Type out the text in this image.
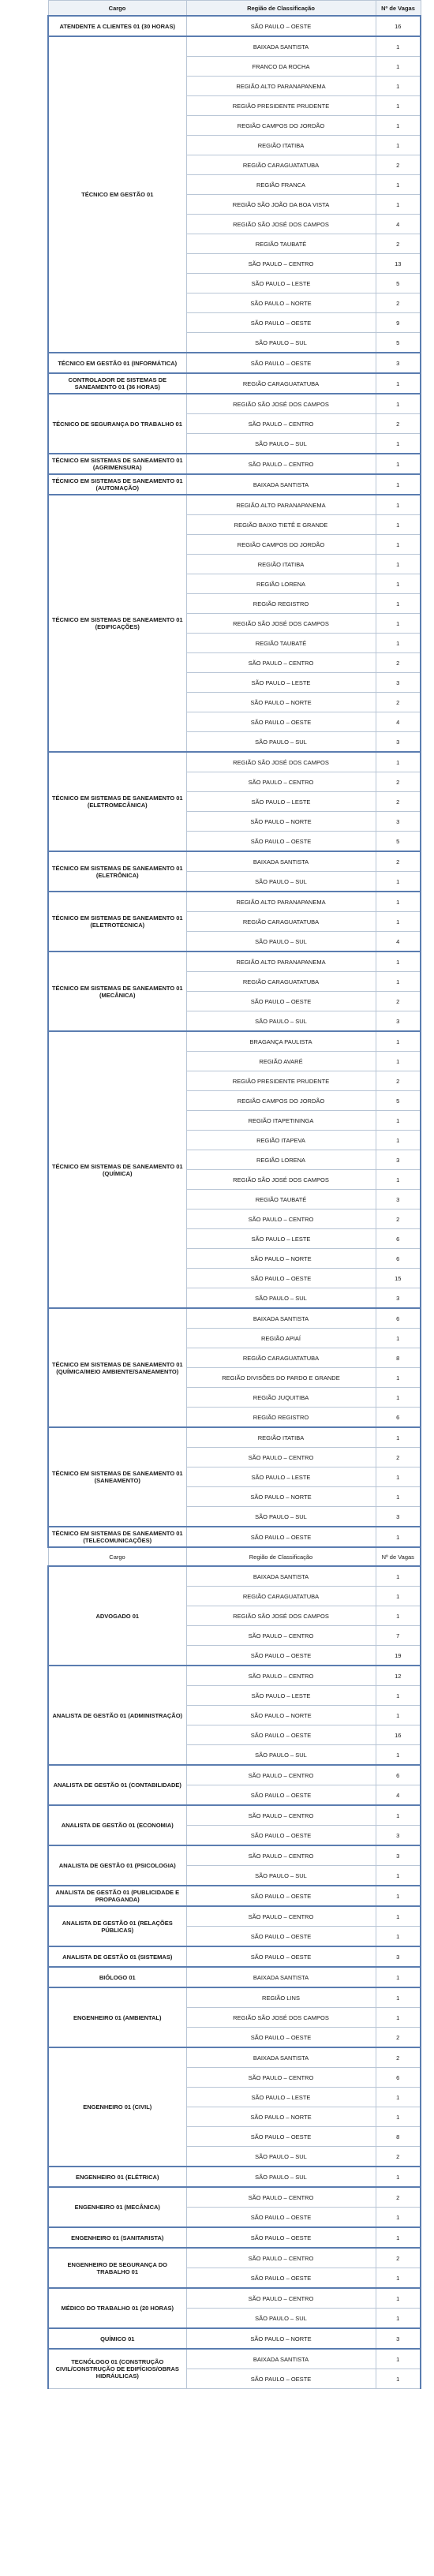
Cargo	Região de Classificação	Nº de Vagas
ATENDENTE A CLIENTES 01 (30 HORAS)	SÃO PAULO – OESTE	16
TÉCNICO EM GESTÃO 01	BAIXADA SANTISTA	1
	FRANCO DA ROCHA	1
	REGIÃO ALTO PARANAPANEMA	1
	REGIÃO PRESIDENTE PRUDENTE	1
	REGIÃO CAMPOS DO JORDÃO	1
	REGIÃO ITATIBA	1
	REGIÃO CARAGUATATUBA	2
	REGIÃO FRANCA	1
	REGIÃO SÃO JOÃO DA BOA VISTA	1
	REGIÃO SÃO JOSÉ DOS CAMPOS	4
	REGIÃO TAUBATÉ	2
	SÃO PAULO – CENTRO	13
	SÃO PAULO – LESTE	5
	SÃO PAULO – NORTE	2
	SÃO PAULO – OESTE	9
	SÃO PAULO – SUL	5
TÉCNICO EM GESTÃO 01 (INFORMÁTICA)	SÃO PAULO – OESTE	3
CONTROLADOR DE SISTEMAS DE SANEAMENTO 01 (36 HORAS)	REGIÃO CARAGUATATUBA	1
TÉCNICO DE SEGURANÇA DO TRABALHO 01	REGIÃO SÃO JOSÉ DOS CAMPOS	1
	SÃO PAULO – CENTRO	2
	SÃO PAULO – SUL	1
TÉCNICO EM SISTEMAS DE SANEAMENTO 01 (AGRIMENSURA)	SÃO PAULO – CENTRO	1
TÉCNICO EM SISTEMAS DE SANEAMENTO 01 (AUTOMAÇÃO)	BAIXADA SANTISTA	1
TÉCNICO EM SISTEMAS DE SANEAMENTO 01 (EDIFICAÇÕES)	REGIÃO ALTO PARANAPANEMA	1
	REGIÃO BAIXO TIETÊ E GRANDE	1
	REGIÃO CAMPOS DO JORDÃO	1
	REGIÃO ITATIBA	1
	REGIÃO LORENA	1
	REGIÃO REGISTRO	1
	REGIÃO SÃO JOSÉ DOS CAMPOS	1
	REGIÃO TAUBATÉ	1
	SÃO PAULO – CENTRO	2
	SÃO PAULO – LESTE	3
	SÃO PAULO – NORTE	2
	SÃO PAULO – OESTE	4
	SÃO PAULO – SUL	3
TÉCNICO EM SISTEMAS DE SANEAMENTO 01 (ELETROMECÂNICA)	REGIÃO SÃO JOSÉ DOS CAMPOS	1
	SÃO PAULO – CENTRO	2
	SÃO PAULO – LESTE	2
	SÃO PAULO – NORTE	3
	SÃO PAULO – OESTE	5
TÉCNICO EM SISTEMAS DE SANEAMENTO 01 (ELETRÔNICA)	BAIXADA SANTISTA	2
	SÃO PAULO – SUL	1
TÉCNICO EM SISTEMAS DE SANEAMENTO 01 (ELETROTÉCNICA)	REGIÃO ALTO PARANAPANEMA	1
	REGIÃO CARAGUATATUBA	1
	SÃO PAULO – SUL	4
TÉCNICO EM SISTEMAS DE SANEAMENTO 01 (MECÂNICA)	REGIÃO ALTO PARANAPANEMA	1
	REGIÃO CARAGUATATUBA	1
	SÃO PAULO – OESTE	2
	SÃO PAULO – SUL	3
TÉCNICO EM SISTEMAS DE SANEAMENTO 01 (QUÍMICA)	BRAGANÇA PAULISTA	1
	REGIÃO AVARÉ	1
	REGIÃO PRESIDENTE PRUDENTE	2
	REGIÃO CAMPOS DO JORDÃO	5
	REGIÃO ITAPETININGA	1
	REGIÃO ITAPEVA	1
	REGIÃO LORENA	3
	REGIÃO SÃO JOSÉ DOS CAMPOS	1
	REGIÃO TAUBATÉ	3
	SÃO PAULO – CENTRO	2
	SÃO PAULO – LESTE	6
	SÃO PAULO – NORTE	6
	SÃO PAULO – OESTE	15
	SÃO PAULO – SUL	3
TÉCNICO EM SISTEMAS DE SANEAMENTO 01 (QUÍMICA/MEIO AMBIENTE/SANEAMENTO)	BAIXADA SANTISTA	6
	REGIÃO APIAÍ	1
	REGIÃO CARAGUATATUBA	8
	REGIÃO DIVISÕES DO PARDO E GRANDE	1
	REGIÃO JUQUITIBA	1
	REGIÃO REGISTRO	6
TÉCNICO EM SISTEMAS DE SANEAMENTO 01 (SANEAMENTO)	REGIÃO ITATIBA	1
	SÃO PAULO – CENTRO	2
	SÃO PAULO – LESTE	1
	SÃO PAULO – NORTE	1
	SÃO PAULO – SUL	3
TÉCNICO EM SISTEMAS DE SANEAMENTO 01 (TELECOMUNICAÇÕES)	SÃO PAULO – OESTE	1
Cargo	Região de Classificação	Nº de Vagas
ADVOGADO 01	BAIXADA SANTISTA	1
	REGIÃO CARAGUATATUBA	1
	REGIÃO SÃO JOSÉ DOS CAMPOS	1
	SÃO PAULO – CENTRO	7
	SÃO PAULO – OESTE	19
ANALISTA DE GESTÃO 01 (ADMINISTRAÇÃO)	SÃO PAULO – CENTRO	12
	SÃO PAULO – LESTE	1
	SÃO PAULO – NORTE	1
	SÃO PAULO – OESTE	16
	SÃO PAULO – SUL	1
ANALISTA DE GESTÃO 01 (CONTABILIDADE)	SÃO PAULO – CENTRO	6
	SÃO PAULO – OESTE	4
ANALISTA DE GESTÃO 01 (ECONOMIA)	SÃO PAULO – CENTRO	1
	SÃO PAULO – OESTE	3
ANALISTA DE GESTÃO 01 (PSICOLOGIA)	SÃO PAULO – CENTRO	3
	SÃO PAULO – SUL	1
ANALISTA DE GESTÃO 01 (PUBLICIDADE E PROPAGANDA)	SÃO PAULO – OESTE	1
ANALISTA DE GESTÃO 01 (RELAÇÕES PÚBLICAS)	SÃO PAULO – CENTRO	1
	SÃO PAULO – OESTE	1
ANALISTA DE GESTÃO 01 (SISTEMAS)	SÃO PAULO – OESTE	3
BIÓLOGO 01	BAIXADA SANTISTA	1
ENGENHEIRO 01 (AMBIENTAL)	REGIÃO LINS	1
	REGIÃO SÃO JOSÉ DOS CAMPOS	1
	SÃO PAULO – OESTE	2
ENGENHEIRO 01 (CIVIL)	BAIXADA SANTISTA	2
	SÃO PAULO – CENTRO	6
	SÃO PAULO – LESTE	1
	SÃO PAULO – NORTE	1
	SÃO PAULO – OESTE	8
	SÃO PAULO – SUL	2
ENGENHEIRO 01 (ELÉTRICA)	SÃO PAULO – SUL	1
ENGENHEIRO 01 (MECÂNICA)	SÃO PAULO – CENTRO	2
	SÃO PAULO – OESTE	1
ENGENHEIRO 01 (SANITARISTA)	SÃO PAULO – OESTE	1
ENGENHEIRO DE SEGURANÇA DO TRABALHO 01	SÃO PAULO – CENTRO	2
	SÃO PAULO – OESTE	1
MÉDICO DO TRABALHO 01 (20 HORAS)	SÃO PAULO – CENTRO	1
	SÃO PAULO – SUL	1
QUÍMICO 01	SÃO PAULO – NORTE	3
TECNÓLOGO 01 (CONSTRUÇÃO CIVIL/CONSTRUÇÃO DE EDIFÍCIOS/OBRAS HIDRÁULICAS)	BAIXADA SANTISTA	1
	SÃO PAULO – OESTE	1
